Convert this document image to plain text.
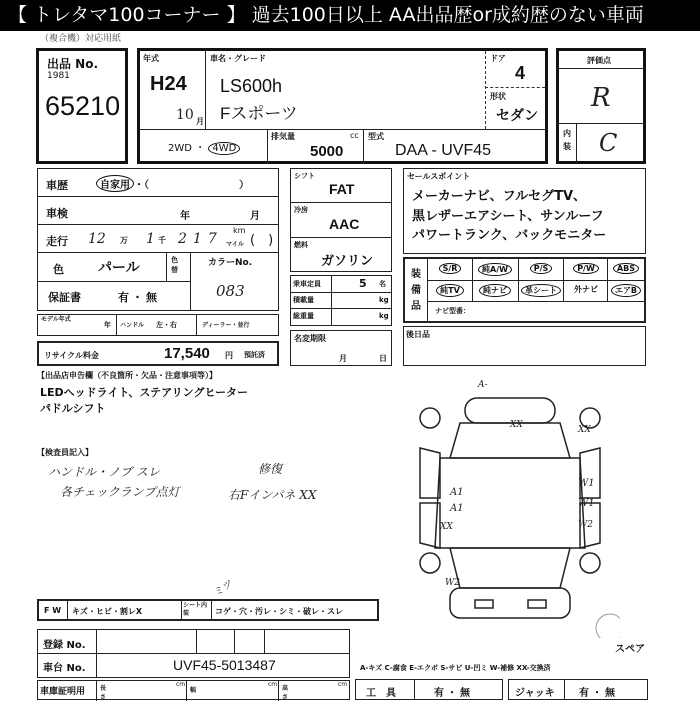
【 トレタマ100コーナー 】 過去100日以上 AA出品歴or成約歴のない車両
（複合機）対応用紙
出品 No.
1981
65210
年式
H24
10 月
車名・グレード
LS600h
Fスポーツ
ドア
4
形状
セダン
2WD ・ 4WD
排気量	cc
5000
型式
DAA - UVF45
評価点
R
内装 C
車歴	自家用 ・（　　　　　　　　　）
車検	年	月
走行 12 万 1 千 217
km
マイル (　)
色 パール	色替
カラーNo.
083
保証書	有・無
モデル年式
年 ハンドル 左・右	ディーラー・並行
リサイクル料金	17,540 円 預託済
シフト
FAT
冷房
AAC
燃料
ガソリン
乗車定員	5 名
積載量	kg
総重量	kg
名変期限
月	日
セールスポイント
メーカーナビ、フルセグTV、
黒レザーエアシート、サンルーフ
パワートランク、バックモニター
装備品
S/R	純A/W	P/S	P/W	ABS
純TV	純ナビ	革シート	外ナビ	エアB
ナビ型番：
後日品
【出品店申告欄（不良箇所・欠品・注意事項等）】
LEDヘッドライト、ステアリングヒーター
パドルシフト
【検査員記入】
ハンドル・ノブ スレ
各チェックランプ点灯
修復
右Fインパネ XX
ミツ
F W キズ・ヒビ・割レX
シート内装	コゲ・穴・汚レ・シミ・破レ・スレ
登録 No.
車台 No.	UVF45-5013487
車庫証明用 長さ
cm
幅
cm
高さ
cm
A-
XX	XX
A1
W1
A1	W1
XX	W2
W2
スペア
A-キズ C-腐食 E-エクボ S-サビ U-凹ミ W-補修 XX-交換済
工　具	有・無	ジャッキ 有・無
